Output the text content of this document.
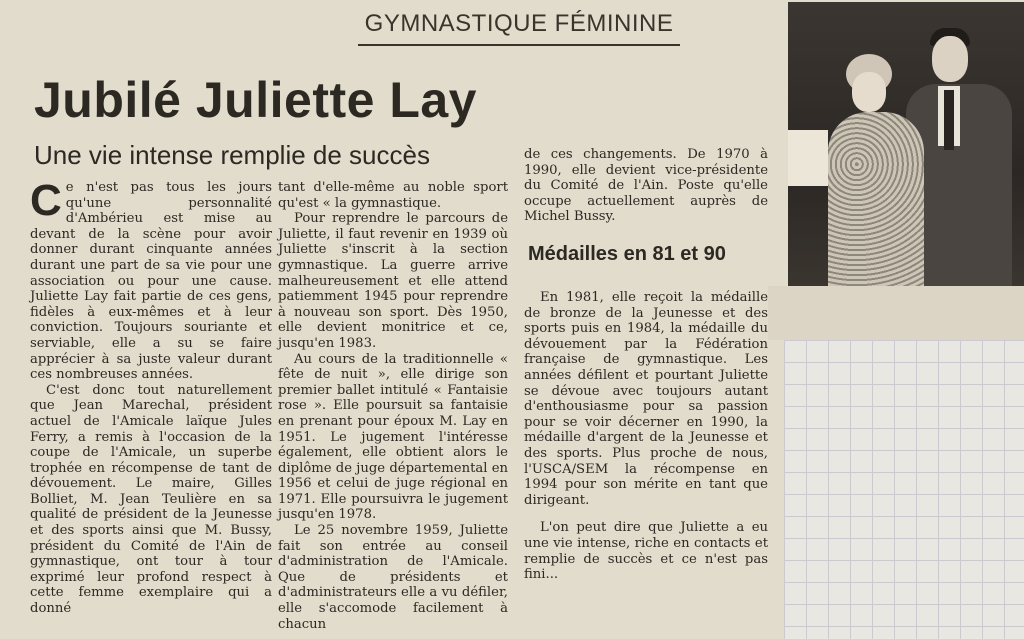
GYMNASTIQUE FÉMININE
Jubilé Juliette Lay
Une vie intense remplie de succès

Ce n'est pas tous les jours qu'une personnalité d'Ambérieu est mise au devant de la scène pour avoir donner durant cinquante années durant une part de sa vie pour une association ou pour une cause. Juliette Lay fait partie de ces gens, fidèles à eux-mêmes et à leur conviction. Toujours souriante et serviable, elle a su se faire apprécier à sa juste valeur durant ces nombreuses années.

C'est donc tout naturellement que Jean Marechal, président actuel de l'Amicale laïque Jules Ferry, a remis à l'occasion de la coupe de l'Amicale, un superbe trophée en récompense de tant de dévouement. Le maire, Gilles Bolliet, M. Jean Teulière en sa qualité de président de la Jeunesse et des sports ainsi que M. Bussy, président du Comité de l'Ain de gymnastique, ont tour à tour exprimé leur profond respect à cette femme exemplaire qui a donné

tant d'elle-même au noble sport qu'est « la gymnastique.

Pour reprendre le parcours de Juliette, il faut revenir en 1939 où Juliette s'inscrit à la section gymnastique. La guerre arrive malheureusement et elle attend patiemment 1945 pour reprendre à nouveau son sport. Dès 1950, elle devient monitrice et ce, jusqu'en 1983.

Au cours de la traditionnelle « fête de nuit », elle dirige son premier ballet intitulé « Fantaisie rose ». Elle poursuit sa fantaisie en prenant pour époux M. Lay en 1951. Le jugement l'intéresse également, elle obtient alors le diplôme de juge départemental en 1956 et celui de juge régional en 1971. Elle poursuivra le jugement jusqu'en 1978.

Le 25 novembre 1959, Juliette fait son entrée au conseil d'administration de l'Amicale. Que de présidents et d'administrateurs elle a vu défiler, elle s'accomode facilement à chacun

de ces changements. De 1970 à 1990, elle devient vice-présidente du Comité de l'Ain. Poste qu'elle occupe actuellement auprès de Michel Bussy.

Médailles en 81 et 90

En 1981, elle reçoit la médaille de bronze de la Jeunesse et des sports puis en 1984, la médaille du dévouement par la Fédération française de gymnastique. Les années défilent et pourtant Juliette se dévoue avec toujours autant d'enthousiasme pour sa passion pour se voir décerner en 1990, la médaille d'argent de la Jeunesse et des sports. Plus proche de nous, l'USCA/SEM la récompense en 1994 pour son mérite en tant que dirigeant.

L'on peut dire que Juliette a eu une vie intense, riche en contacts et remplie de succès et ce n'est pas fini...
